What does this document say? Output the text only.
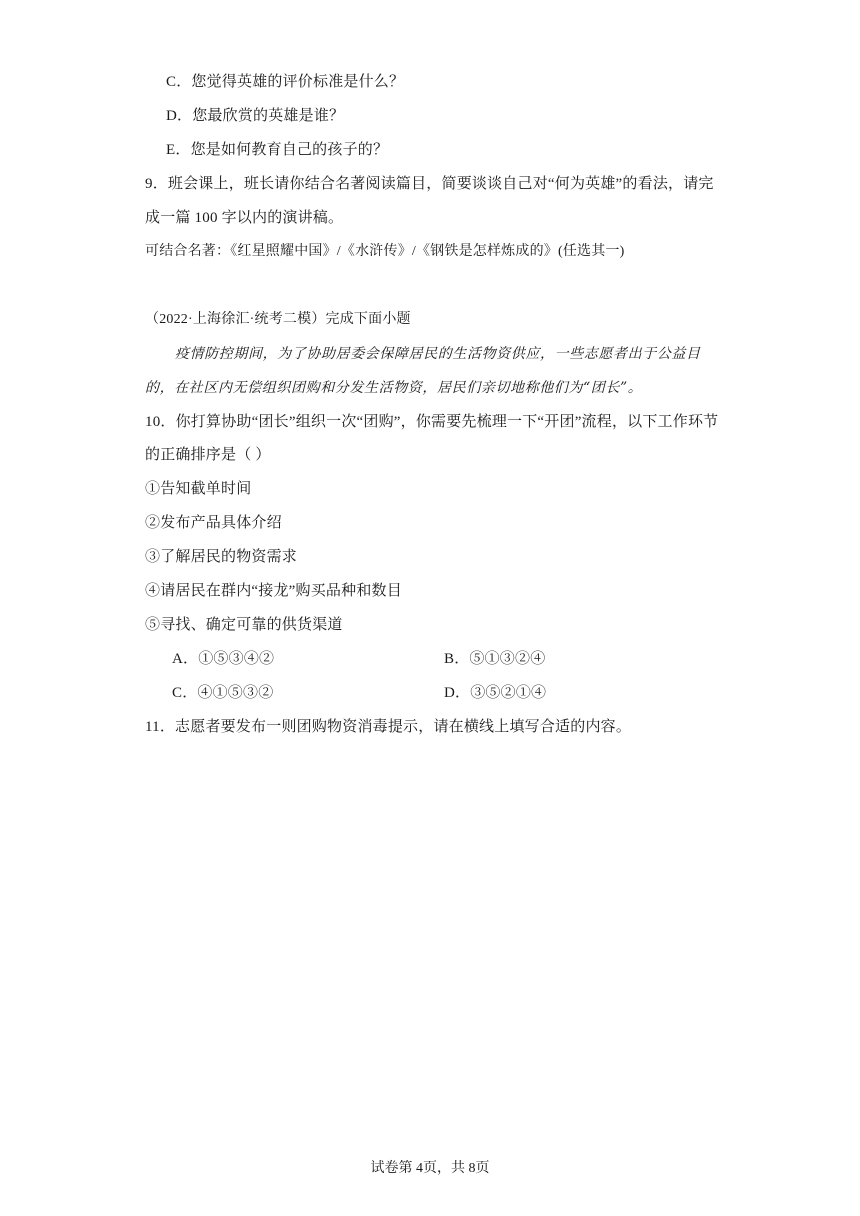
C．您觉得英雄的评价标准是什么？
D．您最欣赏的英雄是谁？
E．您是如何教育自己的孩子的？
9．班会课上，班长请你结合名著阅读篇目，简要谈谈自己对“何为英雄”的看法，请完
成一篇 100 字以内的演讲稿。
可结合名著：《红星照耀中国》/《水浒传》/《钢铁是怎样炼成的》(任选其一)
（2022·上海徐汇·统考二模）完成下面小题
疫情防控期间，为了协助居委会保障居民的生活物资供应，一些志愿者出于公益目
的，在社区内无偿组织团购和分发生活物资，居民们亲切地称他们为“团长”。
10．你打算协助“团长”组织一次“团购”，你需要先梳理一下“开团”流程，以下工作环节
的正确排序是（ ）
①告知截单时间
②发布产品具体介绍
③了解居民的物资需求
④请居民在群内“接龙”购买品种和数目
⑤寻找、确定可靠的供货渠道
A．①⑤③④②	B．⑤①③②④
C．④①⑤③②	D．③⑤②①④
11．志愿者要发布一则团购物资消毒提示，请在横线上填写合适的内容。
试卷第 4页，共 8页
